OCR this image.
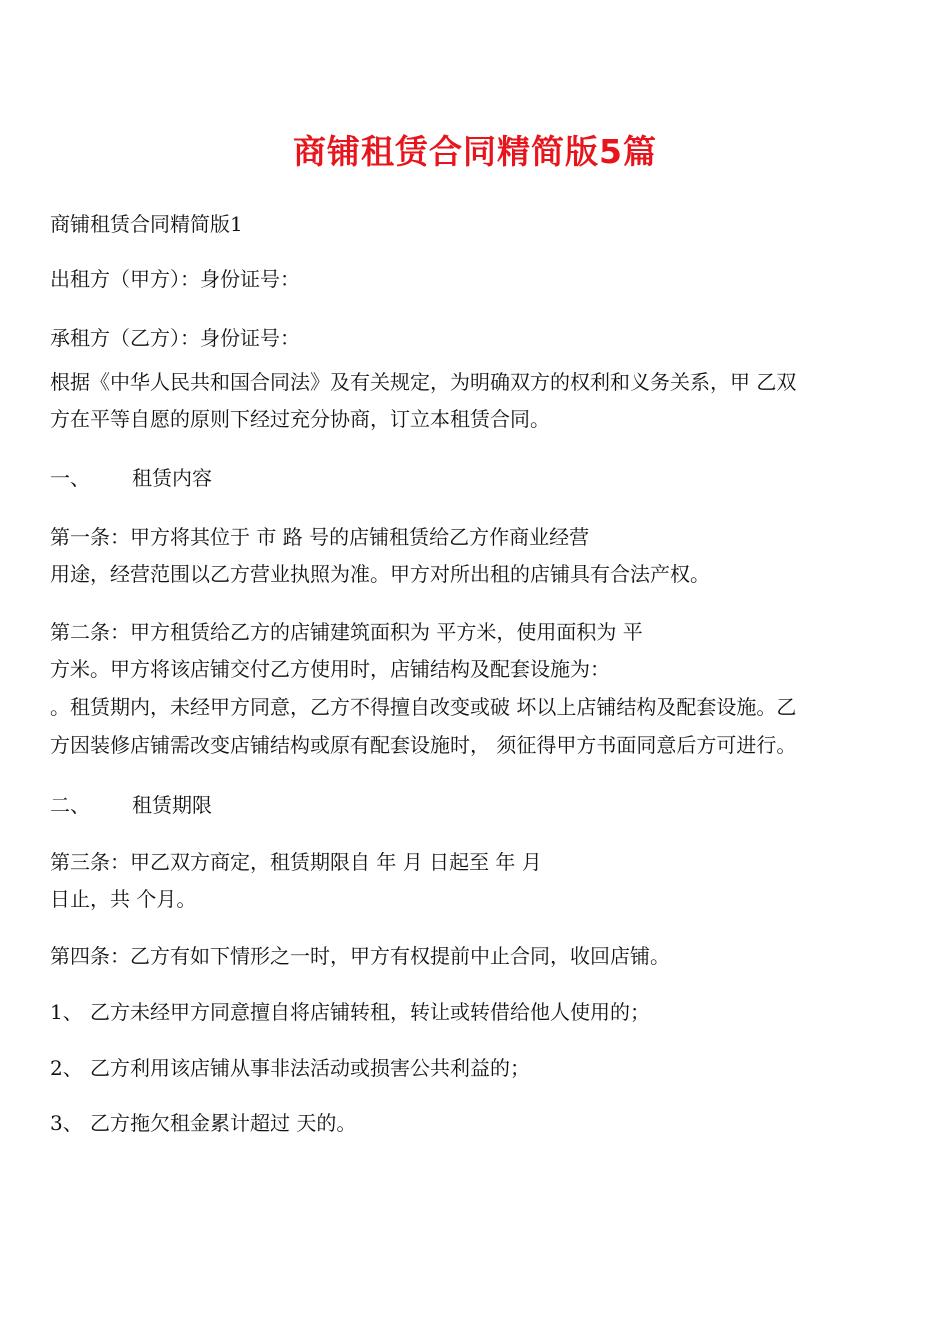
商铺租赁合同精简版5篇
商铺租赁合同精简版1
出租方（甲方）：身份证号：
承租方（乙方）：身份证号：
根据《中华人民共和国合同法》及有关规定，为明确双方的权利和义务关系，甲 乙双
方在平等自愿的原则下经过充分协商，订立本租赁合同。
一、 租赁内容
第一条：甲方将其位于 市 路 号的店铺租赁给乙方作商业经营
用途，经营范围以乙方营业执照为准。甲方对所出租的店铺具有合法产权。
第二条：甲方租赁给乙方的店铺建筑面积为 平方米，使用面积为 平
方米。甲方将该店铺交付乙方使用时，店铺结构及配套设施为：
。租赁期内，未经甲方同意，乙方不得擅自改变或破 坏以上店铺结构及配套设施。乙
方因装修店铺需改变店铺结构或原有配套设施时， 须征得甲方书面同意后方可进行。
二、 租赁期限
第三条：甲乙双方商定，租赁期限自 年 月 日起至 年 月
日止，共 个月。
第四条：乙方有如下情形之一时，甲方有权提前中止合同，收回店铺。
1、 乙方未经甲方同意擅自将店铺转租，转让或转借给他人使用的；
2、 乙方利用该店铺从事非法活动或损害公共利益的；
3、 乙方拖欠租金累计超过 天的。
